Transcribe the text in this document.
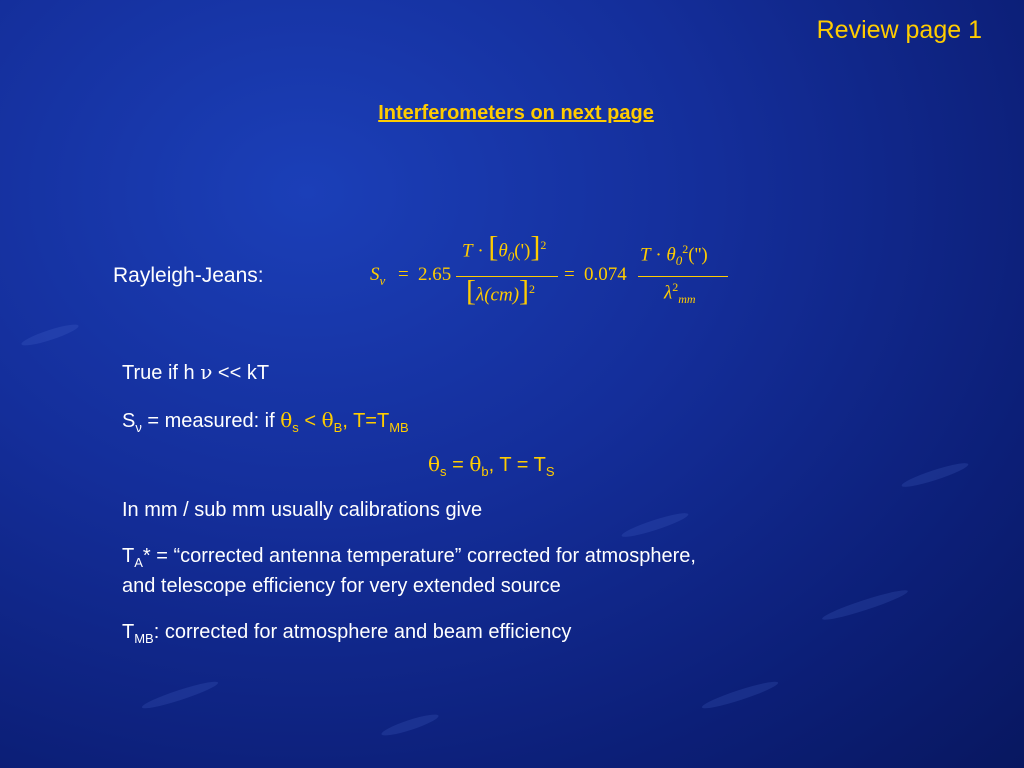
Review page 1
Interferometers on next page
Rayleigh-Jeans:	$S_\nu = 2.65$
$T \cdot [\theta_0(')]^2$
$[\lambda(cm)]^2$
= 0.074
$T \cdot \theta_0^2('')$
$\lambda^2_{mm}$
True if h ν << kT
$S_\nu$ = measured: if $\theta_s < \theta_B$, $T=T_{MB}$
$\theta_s = \theta_b$, $T = T_S$
In mm / sub mm usually calibrations give
$T_A*$ = “corrected antenna temperature” corrected for atmosphere,
and telescope efficiency for very extended source
$T_{MB}$: corrected for atmosphere and beam efficiency
